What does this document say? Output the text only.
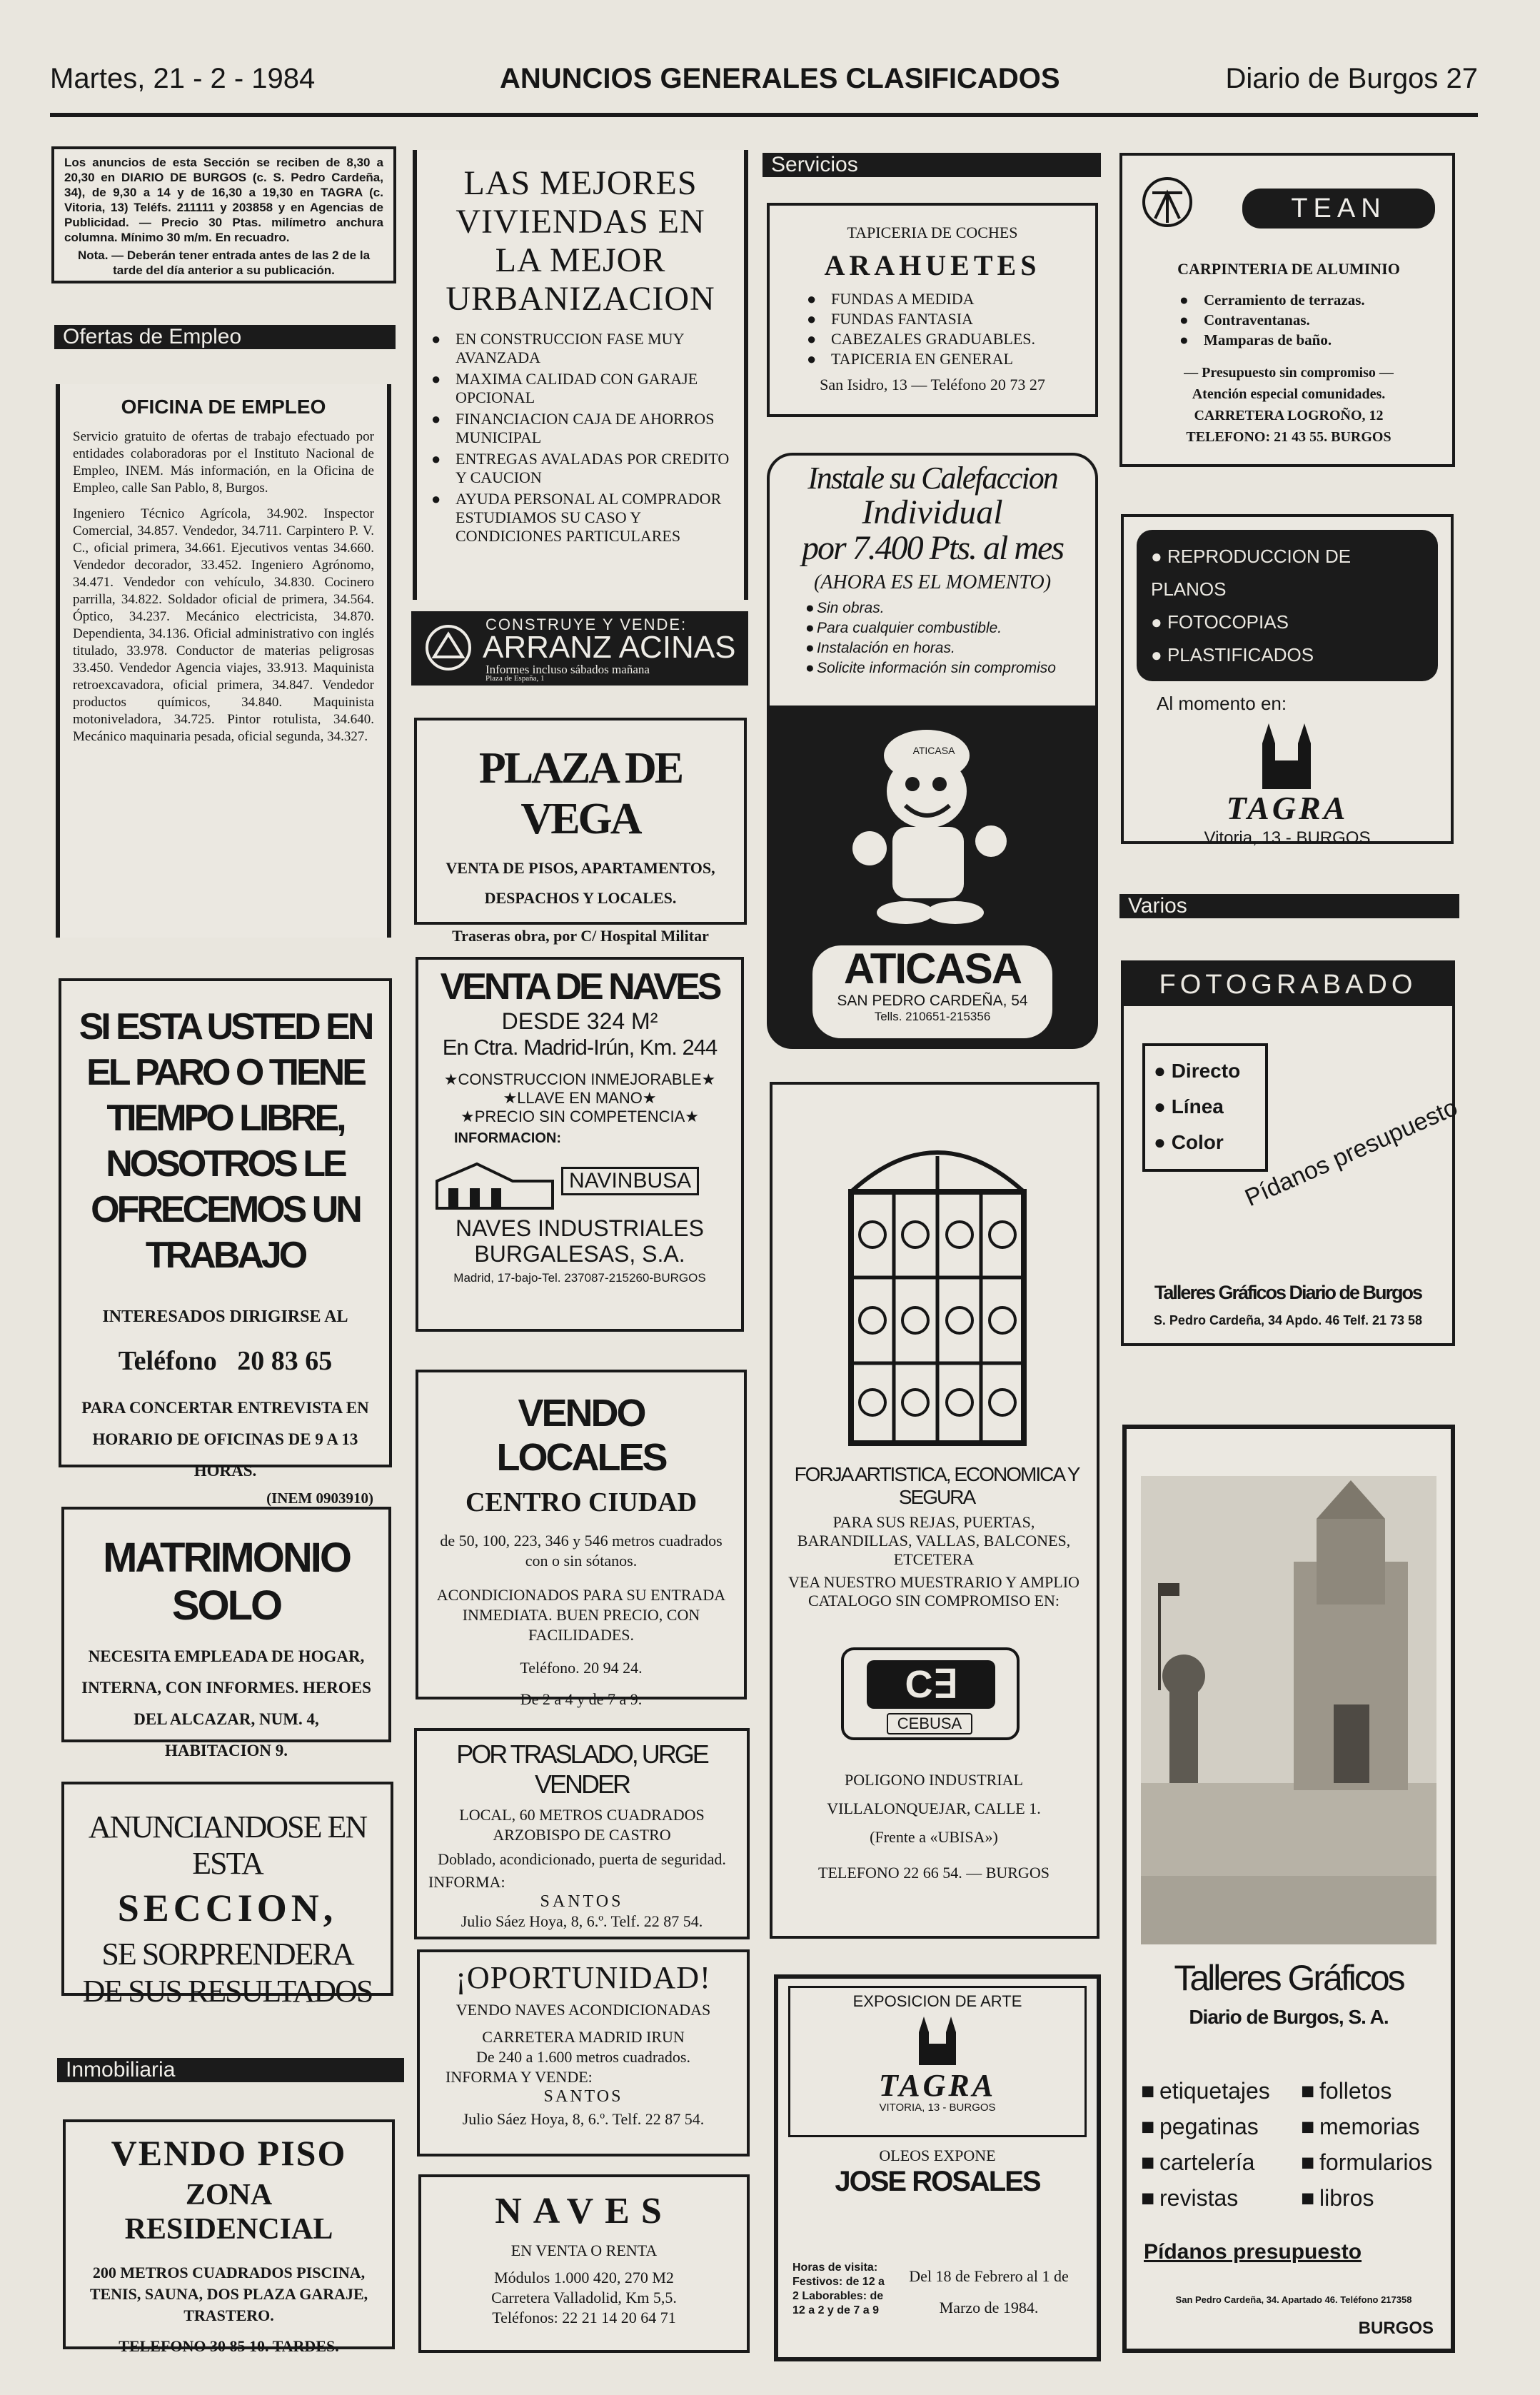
Martes, 21 - 2 - 1984	ANUNCIOS GENERALES CLASIFICADOS	Diario de Burgos 27

Los anuncios de esta Sección se reciben de 8,30 a 20,30 en DIARIO DE BURGOS (c. S. Pedro Cardeña, 34), de 9,30 a 14 y de 16,30 a 19,30 en TAGRA (c. Vitoria, 13) Teléfs. 211111 y 203858 y en Agencias de Publicidad. — Precio 30 Ptas. milímetro anchura columna. Mínimo 30 m/m. En recuadro.

Nota. — Deberán tener entrada antes de las 2 de la tarde del día anterior a su publicación.

Ofertas de Empleo

OFICINA DE EMPLEO

Servicio gratuito de ofertas de trabajo efectuado por entidades colaboradoras por el Instituto Nacional de Empleo, INEM. Más información, en la Oficina de Empleo, calle San Pablo, 8, Burgos.

Ingeniero Técnico Agrícola, 34.902. Inspector Comercial, 34.857. Vendedor, 34.711. Carpintero P. V. C., oficial primera, 34.661. Ejecutivos ventas 34.660. Vendedor decorador, 33.452. Ingeniero Agrónomo, 34.471. Vendedor con vehículo, 34.830. Cocinero parrilla, 34.822. Soldador oficial de primera, 34.564. Óptico, 34.237. Mecánico electricista, 34.870. Dependienta, 34.136. Oficial administrativo con inglés titulado, 33.978. Conductor de materias peligrosas 33.450. Vendedor Agencia viajes, 33.913. Maquinista retroexcavadora, oficial primera, 34.847. Vendedor productos químicos, 34.840. Maquinista motoniveladora, 34.725. Pintor rotulista, 34.640. Mecánico maquinaria pesada, oficial segunda, 34.327.

SI ESTA USTED EN EL PARO O TIENE TIEMPO LIBRE, NOSOTROS LE OFRECEMOS UN TRABAJO

INTERESADOS DIRIGIRSE AL

Teléfono 20 83 65

PARA CONCERTAR ENTREVISTA EN HORARIO DE OFICINAS DE 9 A 13 HORAS.

(INEM 0903910)

MATRIMONIO SOLO

NECESITA EMPLEADA DE HOGAR, INTERNA, CON INFORMES. HEROES DEL ALCAZAR, NUM. 4, HABITACION 9.

ANUNCIANDOSE EN ESTA

SECCION,

SE SORPRENDERA DE SUS RESULTADOS

Inmobiliaria

VENDO PISO

ZONA RESIDENCIAL

200 METROS CUADRADOS PISCINA, TENIS, SAUNA, DOS PLAZA GARAJE, TRASTERO.

TELEFONO 30 85 10. TARDES.

LAS MEJORES VIVIENDAS EN LA MEJOR URBANIZACION

● EN CONSTRUCCION FASE MUY AVANZADA
● MAXIMA CALIDAD CON GARAJE OPCIONAL
● FINANCIACION CAJA DE AHORROS MUNICIPAL
● ENTREGAS AVALADAS POR CREDITO Y CAUCION
● AYUDA PERSONAL AL COMPRADOR ESTUDIAMOS SU CASO Y CONDICIONES PARTICULARES

CONSTRUYE Y VENDE:

ARRANZ ACINAS

Informes incluso sábados mañana

Plaza de España, 1

PLAZA DE VEGA

VENTA DE PISOS, APARTAMENTOS, DESPACHOS Y LOCALES.

Traseras obra, por C/ Hospital Militar

VENTA DE NAVES

DESDE 324 M²

En Ctra. Madrid-Irún, Km. 244

★CONSTRUCCION INMEJORABLE★

★LLAVE EN MANO★

★PRECIO SIN COMPETENCIA★

INFORMACION:

NAVINBUSA

NAVES INDUSTRIALES BURGALESAS, S.A.

Madrid, 17-bajo-Tel. 237087-215260-BURGOS

VENDO LOCALES

CENTRO CIUDAD

de 50, 100, 223, 346 y 546 metros cuadrados con o sin sótanos.

ACONDICIONADOS PARA SU ENTRADA INMEDIATA. BUEN PRECIO, CON FACILIDADES.

Teléfono. 20 94 24.

De 2 a 4 y de 7 a 9.

POR TRASLADO, URGE VENDER

LOCAL, 60 METROS CUADRADOS ARZOBISPO DE CASTRO

Doblado, acondicionado, puerta de seguridad.

INFORMA:

SANTOS

Julio Sáez Hoya, 8, 6.º. Telf. 22 87 54.

¡OPORTUNIDAD!

VENDO NAVES ACONDICIONADAS

CARRETERA MADRID IRUN

De 240 a 1.600 metros cuadrados.

INFORMA Y VENDE:

SANTOS

Julio Sáez Hoya, 8, 6.º. Telf. 22 87 54.

NAVES

EN VENTA O RENTA

Módulos 1.000 420, 270 M2

Carretera Valladolid, Km 5,5.

Teléfonos: 22 21 14 20 64 71

Servicios

TAPICERIA DE COCHES

ARAHUETES

● FUNDAS A MEDIDA
● FUNDAS FANTASIA
● CABEZALES GRADUABLES.
● TAPICERIA EN GENERAL

San Isidro, 13 — Teléfono 20 73 27

Instale su Calefaccion

Individual

por 7.400 Pts. al mes

(AHORA ES EL MOMENTO)

● Sin obras.
● Para cualquier combustible.
● Instalación en horas.
● Solicite información sin compromiso
ATICASA

ATICASA

SAN PEDRO CARDEÑA, 54

Tells. 210651-215356

FORJA ARTISTICA, ECONOMICA Y SEGURA

PARA SUS REJAS, PUERTAS, BARANDILLAS, VALLAS, BALCONES, ETCETERA

VEA NUESTRO MUESTRARIO Y AMPLIO CATALOGO SIN COMPROMISO EN:

C∃

CEBUSA

POLIGONO INDUSTRIAL

VILLALONQUEJAR, CALLE 1.

(Frente a «UBISA»)

TELEFONO 22 66 54. — BURGOS

EXPOSICION DE ARTE

TAGRA

VITORIA, 13 - BURGOS

OLEOS EXPONE

JOSE ROSALES

Horas de visita: Festivos: de 12 a 2 Laborables: de 12 a 2 y de 7 a 9

Del 18 de Febrero al 1 de Marzo de 1984.

TEAN

CARPINTERIA DE ALUMINIO

● Cerramiento de terrazas.
● Contraventanas.
● Mamparas de baño.

— Presupuesto sin compromiso —

Atención especial comunidades.

CARRETERA LOGROÑO, 12

TELEFONO: 21 43 55. BURGOS

● REPRODUCCION DE PLANOS

● FOTOCOPIAS

● PLASTIFICADOS

Al momento en:

TAGRA

Vitoria, 13 - BURGOS

Varios

FOTOGRABADO

● Directo

● Línea

● Color Pídanos presupuesto

Talleres Gráficos Diario de Burgos

S. Pedro Cardeña, 34 Apdo. 46 Telf. 21 73 58

Talleres Gráficos

Diario de Burgos, S. A.

■ etiquetajes
■ pegatinas
■ cartelería
■ revistas
■ folletos
■ memorias
■ formularios
■ libros

Pídanos presupuesto

San Pedro Cardeña, 34. Apartado 46. Teléfono 217358

BURGOS
